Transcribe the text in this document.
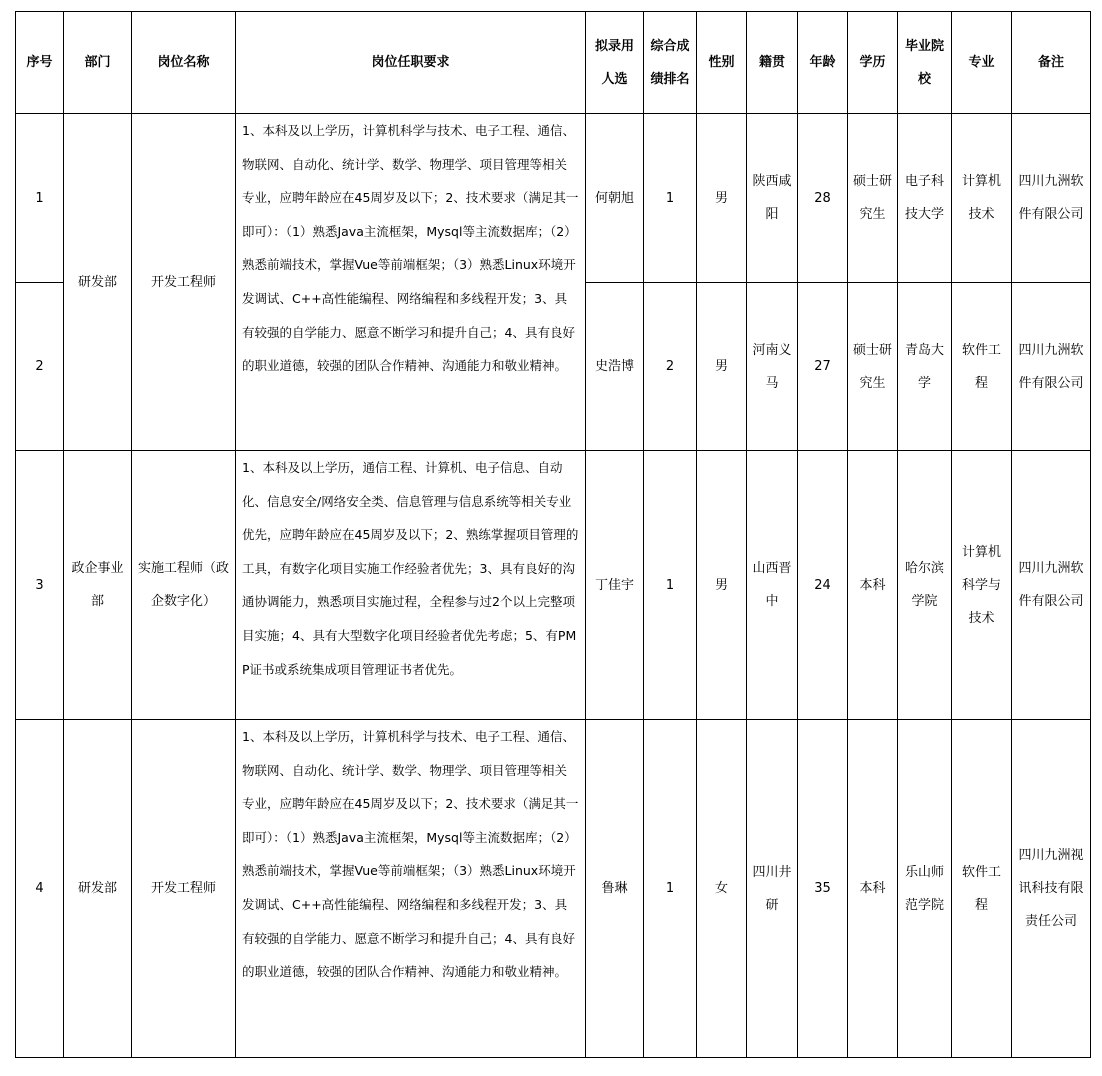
序号	部门	岗位名称	岗位任职要求	拟录用人选	综合成绩排名	性别	籍贯	年龄	学历	毕业院校	专业	备注
1	研发部	开发工程师	1、本科及以上学历，计算机科学与技术、电子工程、通信、物联网、自动化、统计学、数学、物理学、项目管理等相关专业，应聘年龄应在45周岁及以下；2、技术要求（满足其一即可）：（1）熟悉Java主流框架，Mysql等主流数据库；（2）熟悉前端技术，掌握Vue等前端框架；（3）熟悉Linux环境开发调试、C++高性能编程、网络编程和多线程开发；3、具有较强的自学能力、愿意不断学习和提升自己；4、具有良好的职业道德，较强的团队合作精神、沟通能力和敬业精神。	何朝旭	1	男	陕西咸阳	28	硕士研究生	电子科技大学	计算机技术	四川九洲软件有限公司
2				史浩博	2	男	河南义马	27	硕士研究生	青岛大学	软件工程	四川九洲软件有限公司
3	政企事业部	实施工程师（政企数字化）	1、本科及以上学历，通信工程、计算机、电子信息、自动化、信息安全/网络安全类、信息管理与信息系统等相关专业优先，应聘年龄应在45周岁及以下；2、熟练掌握项目管理的工具，有数字化项目实施工作经验者优先；3、具有良好的沟通协调能力，熟悉项目实施过程，全程参与过2个以上完整项目实施；4、具有大型数字化项目经验者优先考虑；5、有PMP证书或系统集成项目管理证书者优先。	丁佳宇	1	男	山西晋中	24	本科	哈尔滨学院	计算机科学与技术	四川九洲软件有限公司
4	研发部	开发工程师	1、本科及以上学历，计算机科学与技术、电子工程、通信、物联网、自动化、统计学、数学、物理学、项目管理等相关专业，应聘年龄应在45周岁及以下；2、技术要求（满足其一即可）：（1）熟悉Java主流框架，Mysql等主流数据库；（2）熟悉前端技术，掌握Vue等前端框架；（3）熟悉Linux环境开发调试、C++高性能编程、网络编程和多线程开发；3、具有较强的自学能力、愿意不断学习和提升自己；4、具有良好的职业道德，较强的团队合作精神、沟通能力和敬业精神。	鲁琳	1	女	四川井研	35	本科	乐山师范学院	软件工程	四川九洲视讯科技有限责任公司
